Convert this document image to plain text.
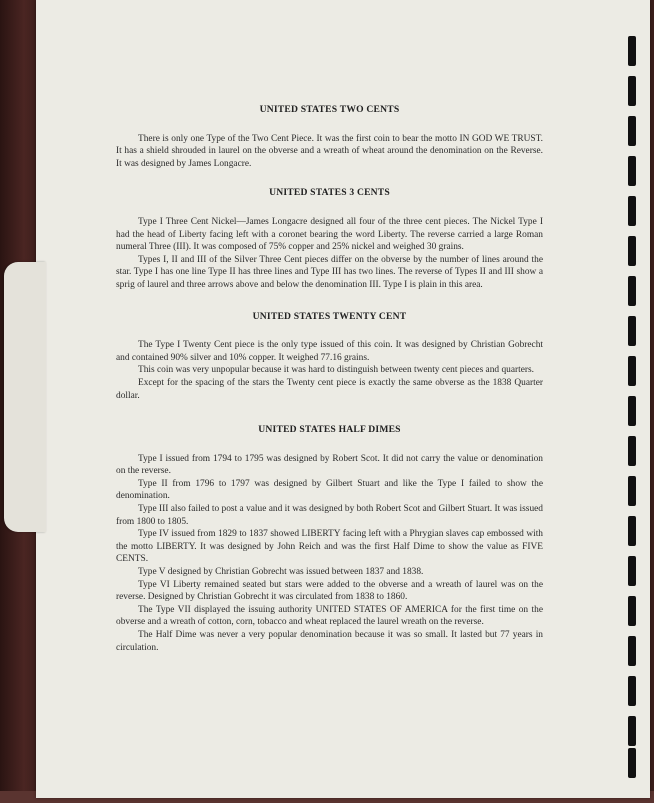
UNITED STATES TWO CENTS

There is only one Type of the Two Cent Piece. It was the first coin to bear the motto IN GOD WE TRUST. It has a shield shrouded in laurel on the obverse and a wreath of wheat around the denomination on the Reverse. It was designed by James Longacre.

UNITED STATES 3 CENTS

Type I Three Cent Nickel—James Longacre designed all four of the three cent pieces. The Nickel Type I had the head of Liberty facing left with a coronet bearing the word Liberty. The reverse carried a large Roman numeral Three (III). It was composed of 75% copper and 25% nickel and weighed 30 grains.

Types I, II and III of the Silver Three Cent pieces differ on the obverse by the number of lines around the star. Type I has one line Type II has three lines and Type III has two lines. The reverse of Types II and III show a sprig of laurel and three arrows above and below the denomination III. Type I is plain in this area.

UNITED STATES TWENTY CENT

The Type I Twenty Cent piece is the only type issued of this coin. It was designed by Christian Gobrecht and contained 90% silver and 10% copper. It weighed 77.16 grains.

This coin was very unpopular because it was hard to distinguish between twenty cent pieces and quarters.

Except for the spacing of the stars the Twenty cent piece is exactly the same obverse as the 1838 Quarter dollar.

UNITED STATES HALF DIMES

Type I issued from 1794 to 1795 was designed by Robert Scot. It did not carry the value or denomination on the reverse.

Type II from 1796 to 1797 was designed by Gilbert Stuart and like the Type I failed to show the denomination.

Type III also failed to post a value and it was designed by both Robert Scot and Gilbert Stuart. It was issued from 1800 to 1805.

Type IV issued from 1829 to 1837 showed LIBERTY facing left with a Phrygian slaves cap embossed with the motto LIBERTY. It was designed by John Reich and was the first Half Dime to show the value as FIVE CENTS.

Type V designed by Christian Gobrecht was issued between 1837 and 1838.

Type VI Liberty remained seated but stars were added to the obverse and a wreath of laurel was on the reverse. Designed by Christian Gobrecht it was circulated from 1838 to 1860.

The Type VII displayed the issuing authority UNITED STATES OF AMERICA for the first time on the obverse and a wreath of cotton, corn, tobacco and wheat replaced the laurel wreath on the reverse.

The Half Dime was never a very popular denomination because it was so small. It lasted but 77 years in circulation.
